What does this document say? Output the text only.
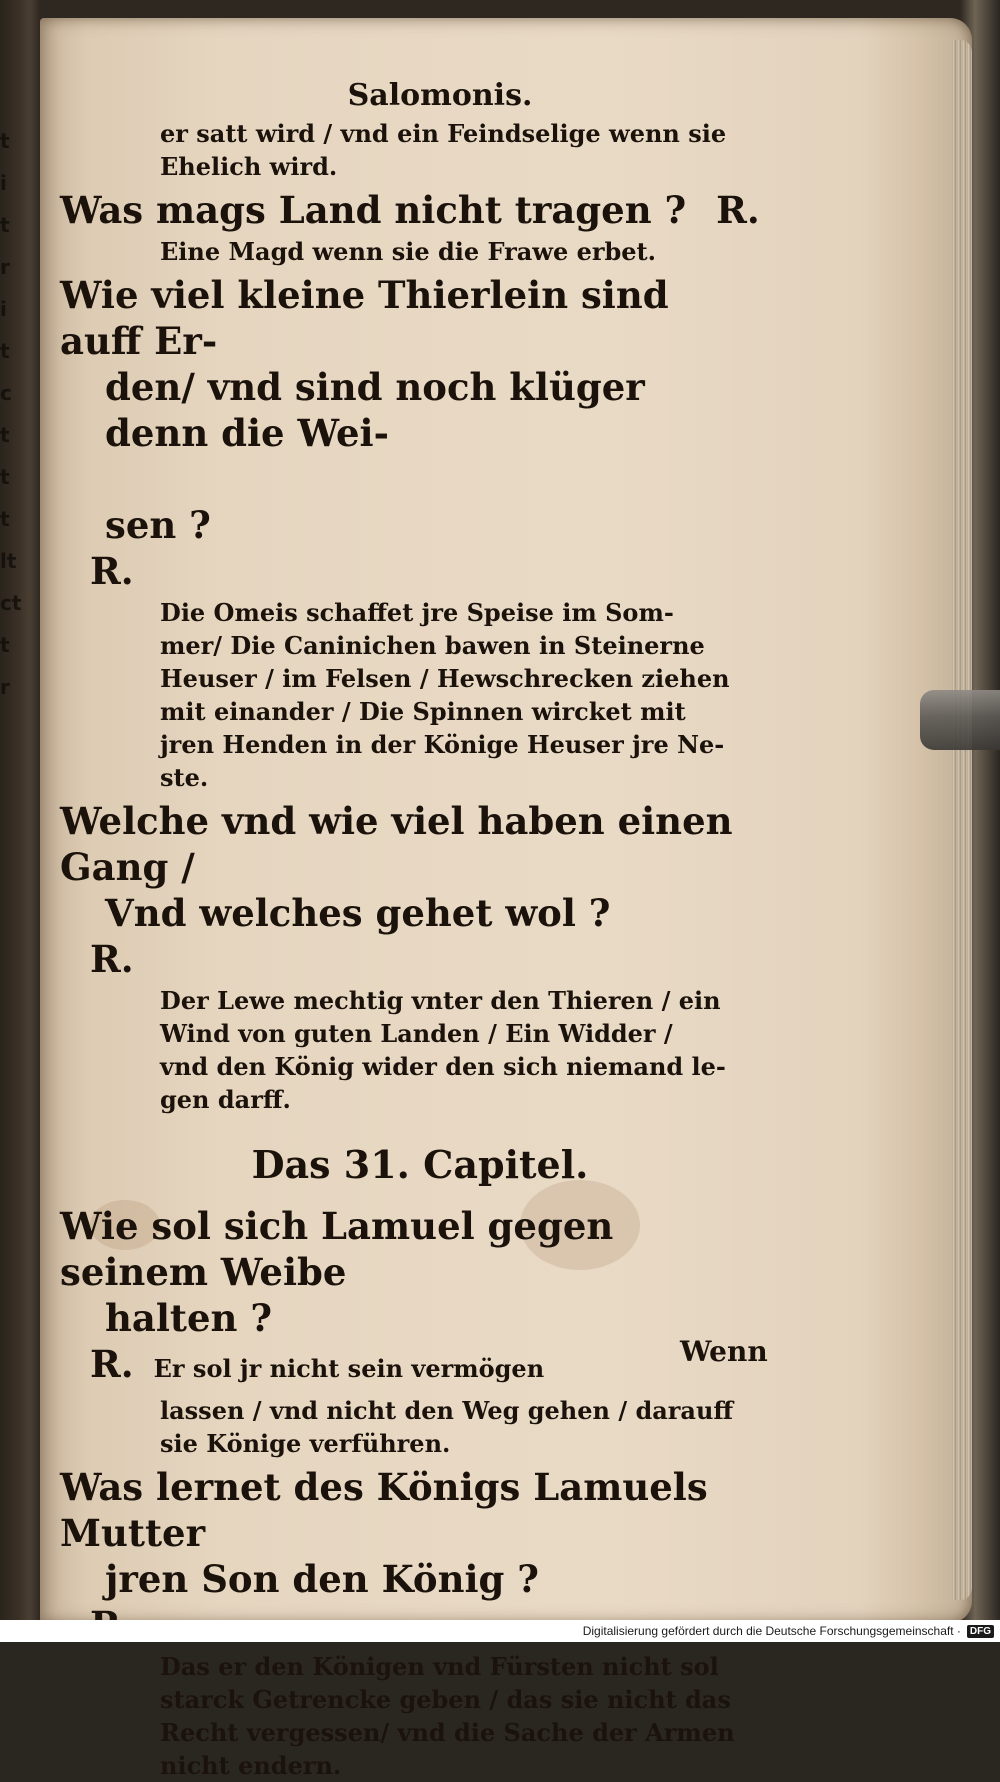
t
i
t
r
i
t
c
t
t
t
lt
ct
t
r
Salomonis.
er satt wird / vnd ein Feindselige wenn sie
Ehelich wird.
Was mags Land nicht tragen ? R.
Eine Magd wenn sie die Frawe erbet.
Wie viel kleine Thierlein sind auff Er-

den/ vnd sind noch klüger denn die Wei-

sen ?
R.
Die Omeis schaffet jre Speise im Som-
mer/ Die Caninichen bawen in Steinerne
Heuser / im Felsen / Hewschrecken ziehen
mit einander / Die Spinnen wircket mit
jren Henden in der Könige Heuser jre Ne-
ste.
Welche vnd wie viel haben einen Gang /

Vnd welches gehet wol ?
R.
Der Lewe mechtig vnter den Thieren / ein
Wind von guten Landen / Ein Widder /
vnd den König wider den sich niemand le-
gen darff.
Das 31. Capitel.
Wie sol sich Lamuel gegen seinem Weibe

halten ?
R. Er sol jr nicht sein vermögen
lassen / vnd nicht den Weg gehen / darauff
sie Könige verführen.
Was lernet des Königs Lamuels Mutter

jren Son den König ?
Das er den Königen vnd Fürsten nicht sol
starck Getrencke geben / das sie nicht das
Recht vergessen/ vnd die Sache der Armen
nicht endern.
Wenn
Digitalisierung gefördert durch die Deutsche Forschungsgemeinschaft · DFG
